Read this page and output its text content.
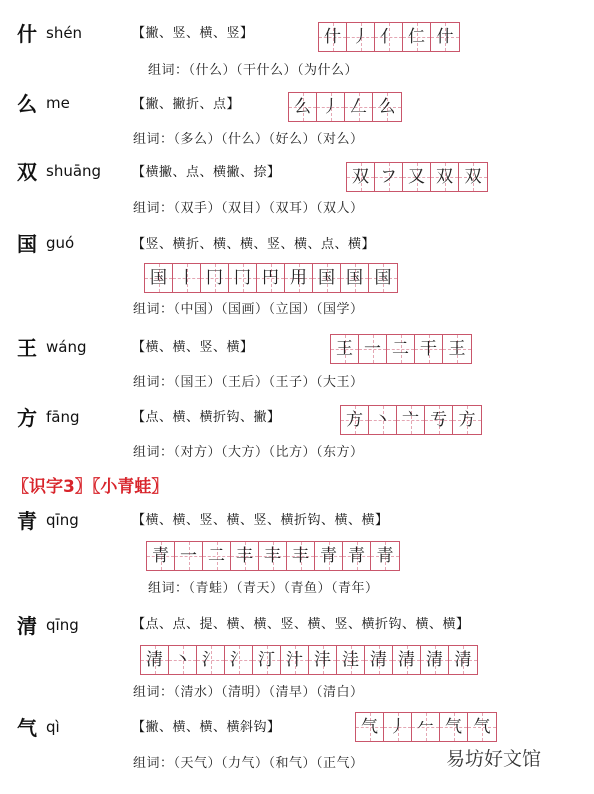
什 shén	【撇、竖、横、竖】	什 丿 亻 仁 什
组词：（什么）（干什么）（为什么）
么 me	【撇、撇折、点】	么 丿 𠃋 么
组词：（多么）（什么）（好么）（对么）
双 shuāng 【横撇、点、横撇、捺】	双 フ 又 双 双
组词：（双手）（双目）（双耳）（双人）
国 guó	【竖、横折、横、横、竖、横、点、横】
国 丨 冂 冂 円 用 国 国 国
组词：（中国）（国画）（立国）（国学）
王 wáng	【横、横、竖、横】	王 一 二 干 王
组词：（国王）（王后）（王子）（大王）
方 fāng	【点、横、横折钩、撇】	方 丶 亠 亐 方
组词：（对方）（大方）（比方）（东方）
〖识字3〗〖小青蛙〗
青 qīng	【横、横、竖、横、竖、横折钩、横、横】
青 一 二 丰 丰 丰 青 青 青
组词：（青蛙）（青天）（青鱼）（青年）
清 qīng	【点、点、提、横、横、竖、横、竖、横折钩、横、横】
清 丶 氵 氵 汀 汁 沣 洼 清 清 清 清
组词：（清水）（清明）（清早）（清白）
气 qì	【撇、横、横、横斜钩】	气 丿 𠂉 气 气
组词：（天气）（力气）（和气）（正气）	易坊好文馆
